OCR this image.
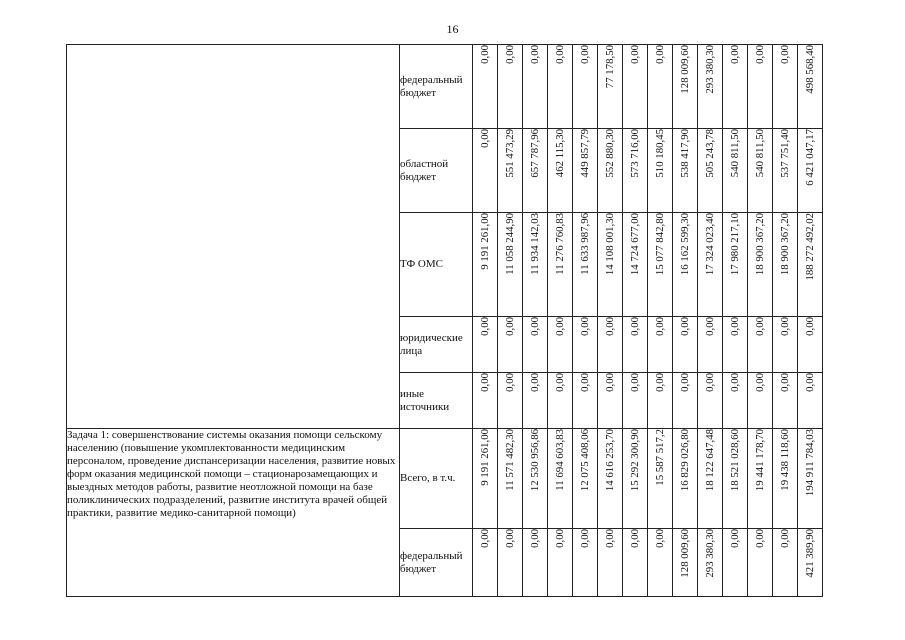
16
	федеральный бюджет	0,00	0,00	0,00	0,00	0,00	77 178,50	0,00	0,00	128 009,60	293 380,30	0,00	0,00	0,00	498 568,40
	областной бюджет	0,00	551 473,29	657 787,96	462 115,30	449 857,79	552 880,30	573 716,00	510 180,45	538 417,90	505 243,78	540 811,50	540 811,50	537 751,40	6 421 047,17
	ТФ ОМС	9 191 261,00	11 058 244,90	11 934 142,03	11 276 760,83	11 633 987,96	14 108 001,30	14 724 677,00	15 077 842,80	16 162 599,30	17 324 023,40	17 980 217,10	18 900 367,20	18 900 367,20	188 272 492,02
	юридические лица	0,00	0,00	0,00	0,00	0,00	0,00	0,00	0,00	0,00	0,00	0,00	0,00	0,00	0,00
	иные источники	0,00	0,00	0,00	0,00	0,00	0,00	0,00	0,00	0,00	0,00	0,00	0,00	0,00	0,00
Задача 1: совершенствование системы оказания помощи сельскому населению (повышение укомплектованности медицинским персоналом, проведение диспансеризации населения, развитие новых форм оказания медицинской помощи – стационарозамещающих и выездных методов работы, развитие неотложной помощи на базе поликлинических подразделений, развитие института врачей общей практики, развитие медико-санитарной помощи)	Всего, в т.ч.	9 191 261,00	11 571 482,30	12 530 956,86	11 694 603,83	12 075 408,06	14 616 253,70	15 292 300,90	15 587 517,2	16 829 026,80	18 122 647,48	18 521 028,60	19 441 178,70	19 438 118,60	194 911 784,03
	федеральный бюджет	0,00	0,00	0,00	0,00	0,00	0,00	0,00	0,00	128 009,60	293 380,30	0,00	0,00	0,00	421 389,90
